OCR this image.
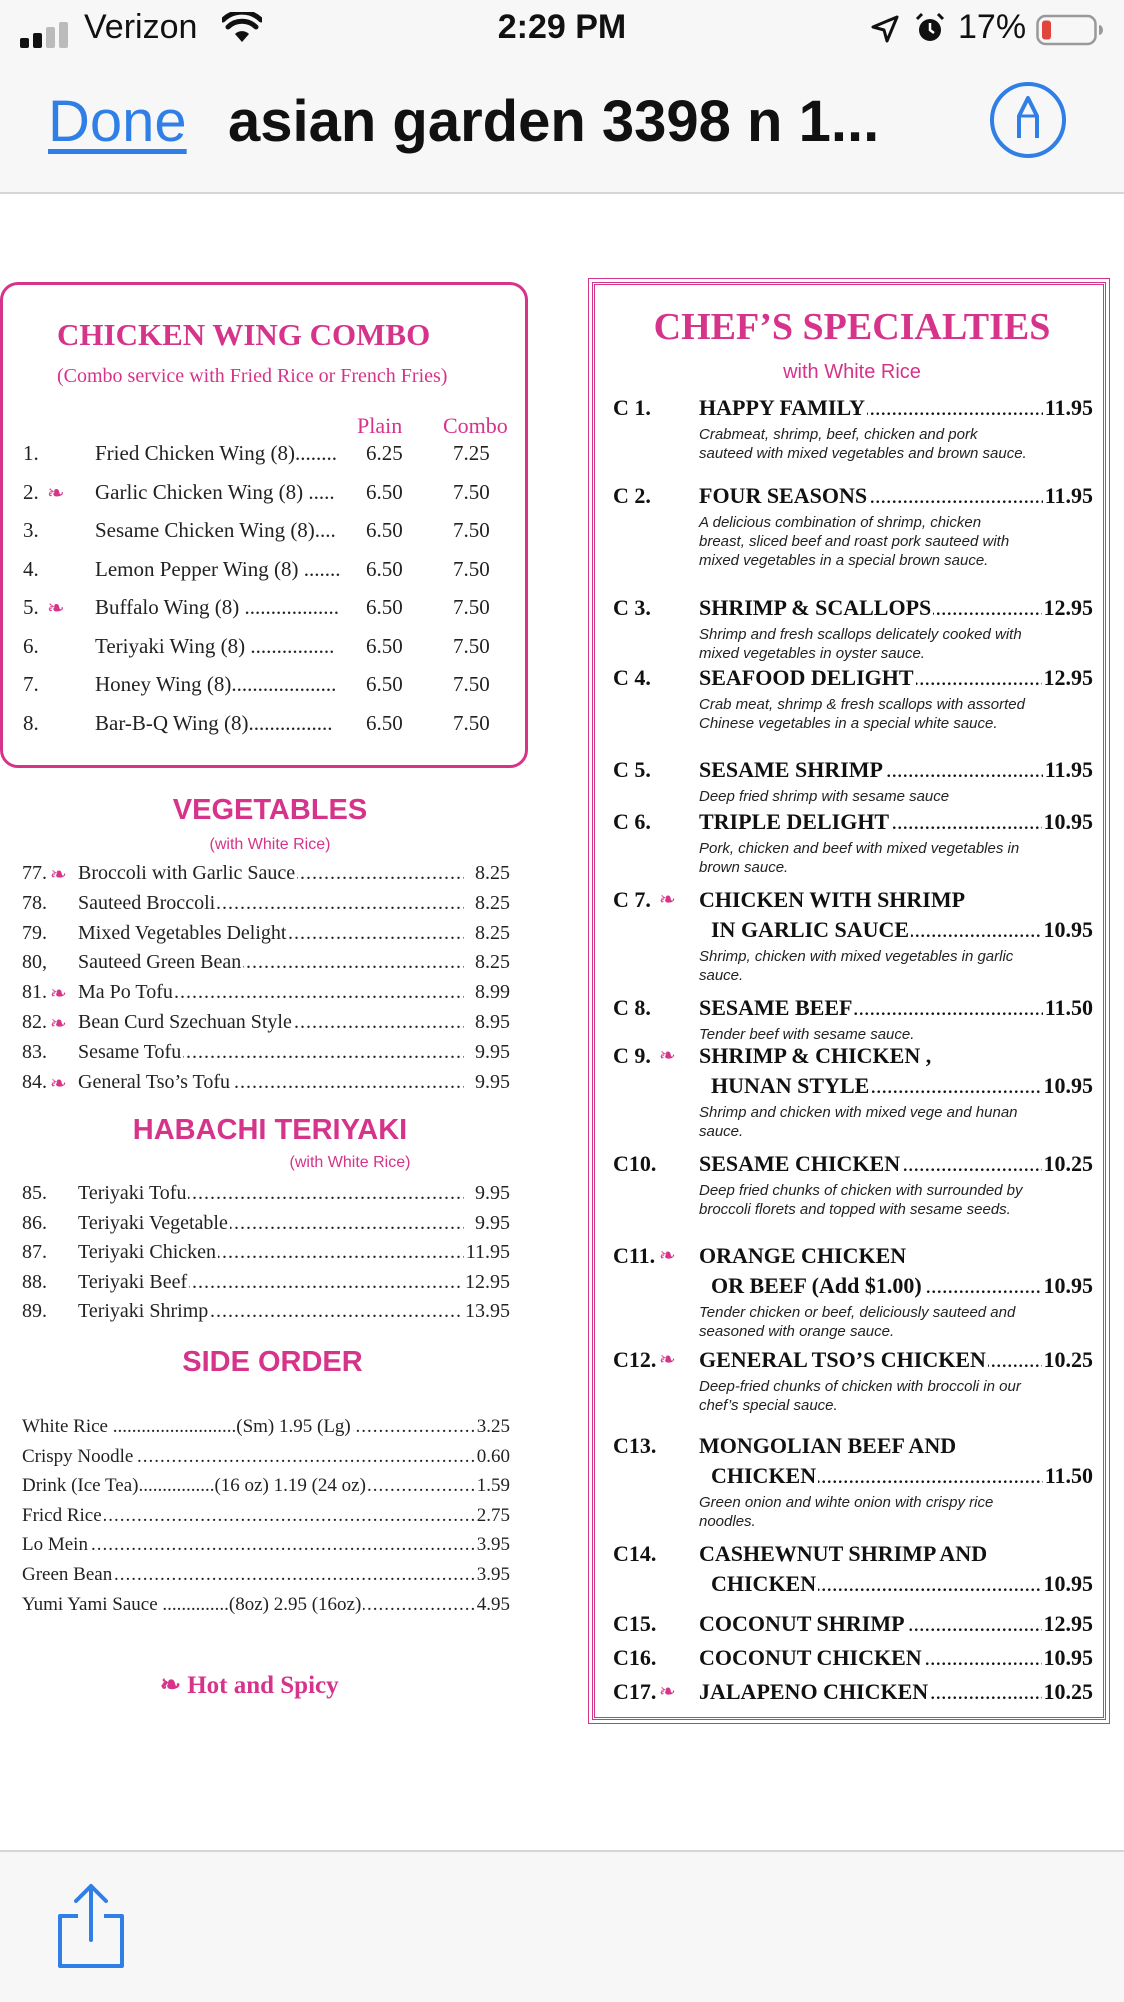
Verizon	2:29 PM	17%
Done asian garden 3398 n 1...
CHICKEN WING COMBO
(Combo service with Fried Rice or French Fries)
Plain Combo
1.	Fried Chicken Wing (8)........	6.25 7.25
2. ❧ Garlic Chicken Wing (8) .....	6.50 7.50
3.	Sesame Chicken Wing (8)....	6.50 7.50
4.	Lemon Pepper Wing (8) .......	6.50 7.50
5. ❧ Buffalo Wing (8) ..................	6.50 7.50
6.	Teriyaki Wing (8) ................	6.50 7.50
7.	Honey Wing (8)....................	6.50 7.50
8.	Bar-B-Q Wing (8)................	6.50 7.50
VEGETABLES
(with White Rice)
77. ❧ ..... Broccoli with Garlic Sauce	8.25
78. ..... Sauteed Broccoli	8.25
79. ..... Mixed Vegetables Delight	8.25
80, ..... Sauteed Green Bean	8.25
81. ❧ ..... Ma Po Tofu	8.99
82. ❧ ..... Bean Curd Szechuan Style	8.95
83. ..... Sesame Tofu	9.95
84. ❧ ..... General Tso’s Tofu	9.95
HABACHI TERIYAKI
(with White Rice)
85. ..... Teriyaki Tofu	9.95
86. ..... Teriyaki Vegetable	9.95
87. ..... Teriyaki Chicken	11.95
88. ..... Teriyaki Beef	12.95
89. ..... Teriyaki Shrimp	13.95
SIDE ORDER
.....
White Rice ..........................(Sm) 1.95 (Lg)	3.25
.....
Crispy Noodle	0.60
.....
Drink (Ice Tea)................(16 oz) 1.19 (24 oz)	1.59
.....
Fricd Rice	2.75
.....
Lo Mein	3.95
.....
Green Bean	3.95
.....
Yumi Yami Sauce ..............(8oz) 2.95 (16oz)	4.95
❧ Hot and Spicy
CHEF’S SPECIALTIES
with White Rice
C 1. ..... HAPPY FAMILY	11.95
Crabmeat, shrimp, beef, chicken and pork sauteed with mixed vegetables and brown sauce.
C 2. ..... FOUR SEASONS	11.95
A delicious combination of shrimp, chicken breast, sliced beef and roast pork sauteed with mixed vegetables in a special brown sauce.
C 3. ..... SHRIMP & SCALLOPS	12.95
Shrimp and fresh scallops delicately cooked with mixed vegetables in oyster sauce.
C 4. ..... SEAFOOD DELIGHT	12.95
Crab meat, shrimp & fresh scallops with assorted Chinese vegetables in a special white sauce.
C 5. ..... SESAME SHRIMP	11.95
Deep fried shrimp with sesame sauce
C 6. ..... TRIPLE DELIGHT	10.95
Pork, chicken and beef with mixed vegetables in brown sauce.
C 7. ❧ CHICKEN WITH SHRIMP
.....
IN GARLIC SAUCE	10.95
Shrimp, chicken with mixed vegetables in garlic sauce.
C 8. ..... SESAME BEEF	11.50
Tender beef with sesame sauce.
C 9. ❧ SHRIMP & CHICKEN ,
.....
HUNAN STYLE	10.95
Shrimp and chicken with mixed vege and hunan sauce.
C10. ..... SESAME CHICKEN	10.25
Deep fried chunks of chicken with surrounded by broccoli florets and topped with sesame seeds.
C11. ❧ ORANGE CHICKEN
.....
OR BEEF (Add $1.00)	10.95
Tender chicken or beef, deliciously sauteed and seasoned with orange sauce.
C12. ❧ ..... GENERAL TSO’S CHICKEN	10.25
Deep-fried chunks of chicken with broccoli in our chef’s special sauce.
C13. MONGOLIAN BEEF AND
.....
CHICKEN	11.50
Green onion and wihte onion with crispy rice noodles.
C14. CASHEWNUT SHRIMP AND
.....
CHICKEN	10.95
C15. ..... COCONUT SHRIMP	12.95
C16. ..... COCONUT CHICKEN	10.95
C17. ❧ ..... JALAPENO CHICKEN	10.25
